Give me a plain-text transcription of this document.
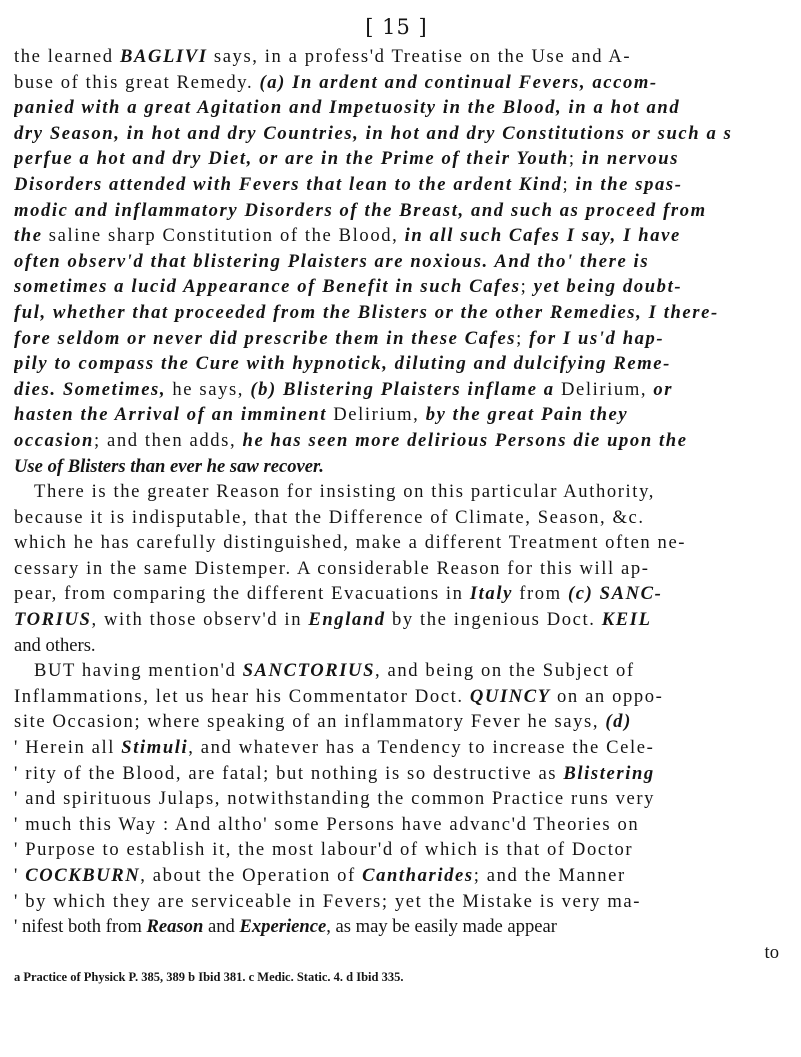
[ 15 ]
the learned BAGLIVI says, in a profess'd Treatise on the Use and A-
buse of this great Remedy. (a) In ardent and continual Fevers, accom-
panied with a great Agitation and Impetuosity in the Blood, in a hot and
dry Season, in hot and dry Countries, in hot and dry Constitutions or such a s
perfue a hot and dry Diet, or are in the Prime of their Youth; in nervous
Disorders attended with Fevers that lean to the ardent Kind; in the spas-
modic and inflammatory Disorders of the Breast, and such as proceed from
the saline sharp Constitution of the Blood, in all such Cafes I say, I have
often observ'd that blistering Plaisters are noxious. And tho' there is
sometimes a lucid Appearance of Benefit in such Cafes; yet being doubt-
ful, whether that proceeded from the Blisters or the other Remedies, I there-
fore seldom or never did prescribe them in these Cafes; for I us'd hap-
pily to compass the Cure with hypnotick, diluting and dulcifying Reme-
dies. Sometimes, he says, (b) Blistering Plaisters inflame a Delirium, or
hasten the Arrival of an imminent Delirium, by the great Pain they
occasion; and then adds, he has seen more delirious Persons die upon the
Use of Blisters than ever he saw recover.
There is the greater Reason for insisting on this particular Authority,
because it is indisputable, that the Difference of Climate, Season, &c.
which he has carefully distinguished, make a different Treatment often ne-
cessary in the same Distemper. A considerable Reason for this will ap-
pear, from comparing the different Evacuations in Italy from (c) SANC-
TORIUS, with those observ'd in England by the ingenious Doct. KEIL
and others.
BUT having mention'd SANCTORIUS, and being on the Subject of
Inflammations, let us hear his Commentator Doct. QUINCY on an oppo-
site Occasion; where speaking of an inflammatory Fever he says, (d)
' Herein all Stimuli, and whatever has a Tendency to increase the Cele-
' rity of the Blood, are fatal; but nothing is so destructive as Blistering
' and spirituous Julaps, notwithstanding the common Practice runs very
' much this Way : And altho' some Persons have advanc'd Theories on
' Purpose to establish it, the most labour'd of which is that of Doctor
' COCKBURN, about the Operation of Cantharides; and the Manner
' by which they are serviceable in Fevers; yet the Mistake is very ma-
' nifest both from Reason and Experience, as may be easily made appear
to
a Practice of Physick P. 385, 389 b Ibid 381. c Medic. Static. 4. d Ibid 335.
